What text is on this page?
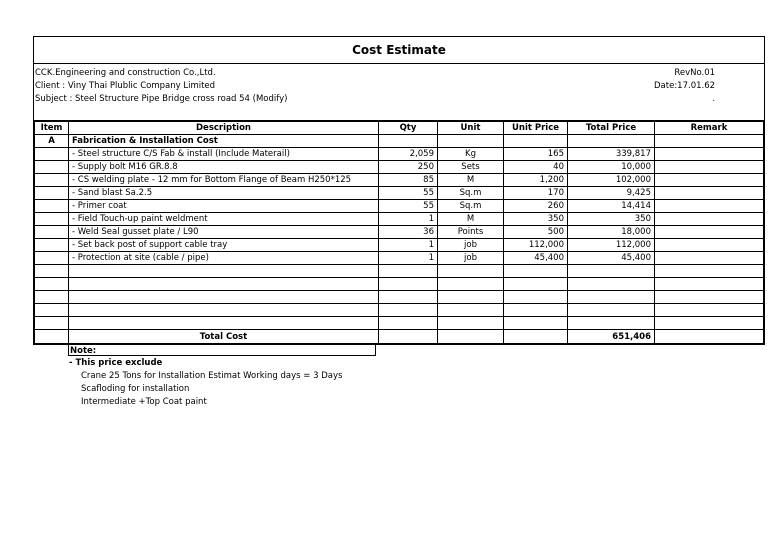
Cost Estimate
CCK.Engineering and construction Co.,Ltd.
Client : Viny Thai Plublic Company Limited
Subject : Steel Structure Pipe Bridge cross road 54 (Modify)
RevNo.01
Date:17.01.62
.
Item	Description	Qty	Unit	Unit Price	Total Price	Remark
A	Fabrication & Installation Cost					
	- Steel structure C/S Fab & install (Include Materail)	2,059	Kg	165	339,817	
	- Supply bolt M16 GR.8.8	250	Sets	40	10,000	
	- CS welding plate - 12 mm for Bottom Flange of Beam H250*125	85	M	1,200	102,000	
	- Sand blast Sa.2.5	55	Sq.m	170	9,425	
	- Primer coat	55	Sq.m	260	14,414	
	- Field Touch-up paint weldment	1	M	350	350	
	- Weld Seal gusset plate / L90	36	Points	500	18,000	
	- Set back post of support cable tray	1	job	112,000	112,000	
	- Protection at site (cable / pipe)	1	job	45,400	45,400	

	Total Cost				651,406	
Note:
- This price exclude
Crane 25 Tons for Installation Estimat Working days = 3 Days
Scafloding for installation
Intermediate +Top Coat paint
